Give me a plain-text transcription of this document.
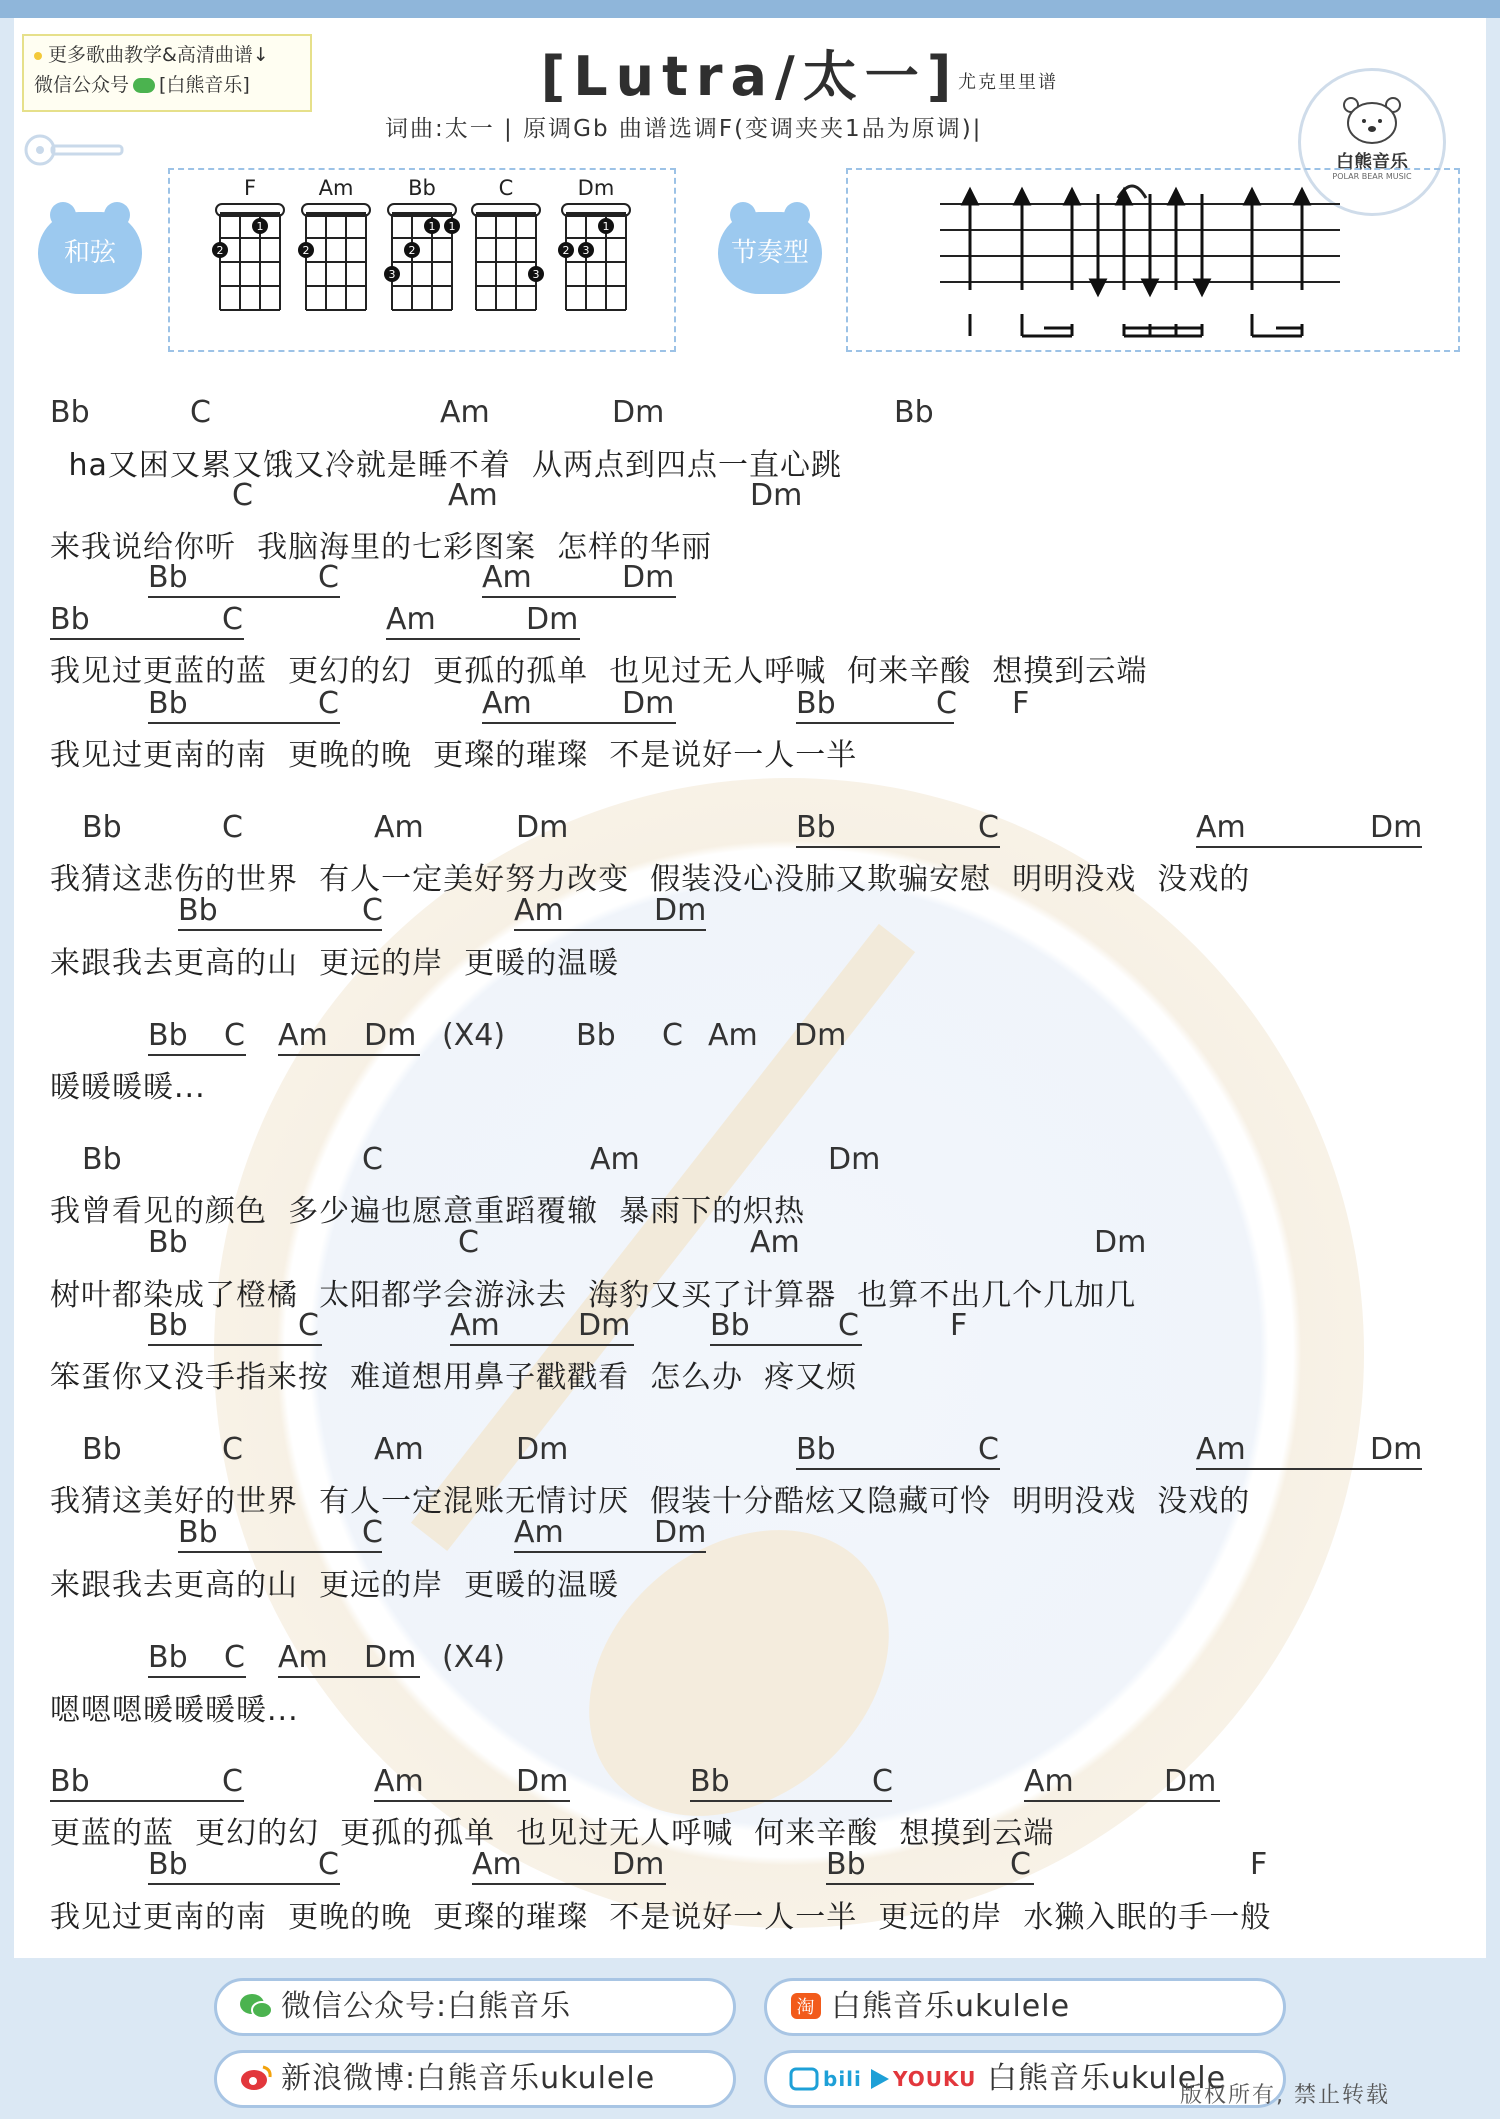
更多歌曲教学&高清曲谱↓
微信公众号 [白熊音乐]	[Lutra/太一]
尤克里里谱
词曲:太一 | 原调Gb 曲谱选调F(变调夹夹1品为原调)|
白熊音乐
POLAR BEAR MUSIC
和弦
F
2
1
Am
2
Bb
3
2
1 1
C
3
Dm
2 3
1
节奏型
Bb	C	Am	Dm	Bb
ha又困又累又饿又冷就是睡不着  从两点到四点一直心跳
C	Am	Dm
来我说给你听  我脑海里的七彩图案  怎样的华丽
Bb	C	Am	Dm
Bb	C	Am	Dm
我见过更蓝的蓝  更幻的幻  更孤的孤单  也见过无人呼喊  何来辛酸  想摸到云端
Bb	C	Am	Dm	Bb	C F
我见过更南的南  更晚的晚  更璨的璀璨  不是说好一人一半
Bb	C	Am	Dm	Bb	C	Am	Dm
我猜这悲伤的世界  有人一定美好努力改变  假装没心没肺又欺骗安慰  明明没戏  没戏的
Bb	C	Am	Dm
来跟我去更高的山  更远的岸  更暖的温暖
Bb C Am Dm (X4) Bb C Am Dm
暖暖暖暖...
Bb	C	Am	Dm
我曾看见的颜色  多少遍也愿意重蹈覆辙  暴雨下的炽热
Bb	C	Am	Dm
树叶都染成了橙橘  太阳都学会游泳去  海豹又买了计算器  也算不出几个几加几
Bb	C	Am	Dm	Bb	C	F
笨蛋你又没手指来按  难道想用鼻子戳戳看  怎么办  疼又烦
Bb	C	Am	Dm	Bb	C	Am	Dm
我猜这美好的世界  有人一定混账无情讨厌  假装十分酷炫又隐藏可怜  明明没戏  没戏的
Bb	C	Am	Dm
来跟我去更高的山  更远的岸  更暖的温暖
Bb C Am Dm (X4)
嗯嗯嗯暖暖暖暖...
Bb	C	Am	Dm	Bb	C	Am	Dm
更蓝的蓝  更幻的幻  更孤的孤单  也见过无人呼喊  何来辛酸  想摸到云端
Bb	C	Am	Dm	Bb	C	F
我见过更南的南  更晚的晚  更璨的璀璨  不是说好一人一半  更远的岸  水獭入眠的手一般
微信公众号:白熊音乐	淘 白熊音乐ukulele
新浪微博:白熊音乐ukulele	bili YOUKU 白熊音乐ukulele
版权所有, 禁止转载
